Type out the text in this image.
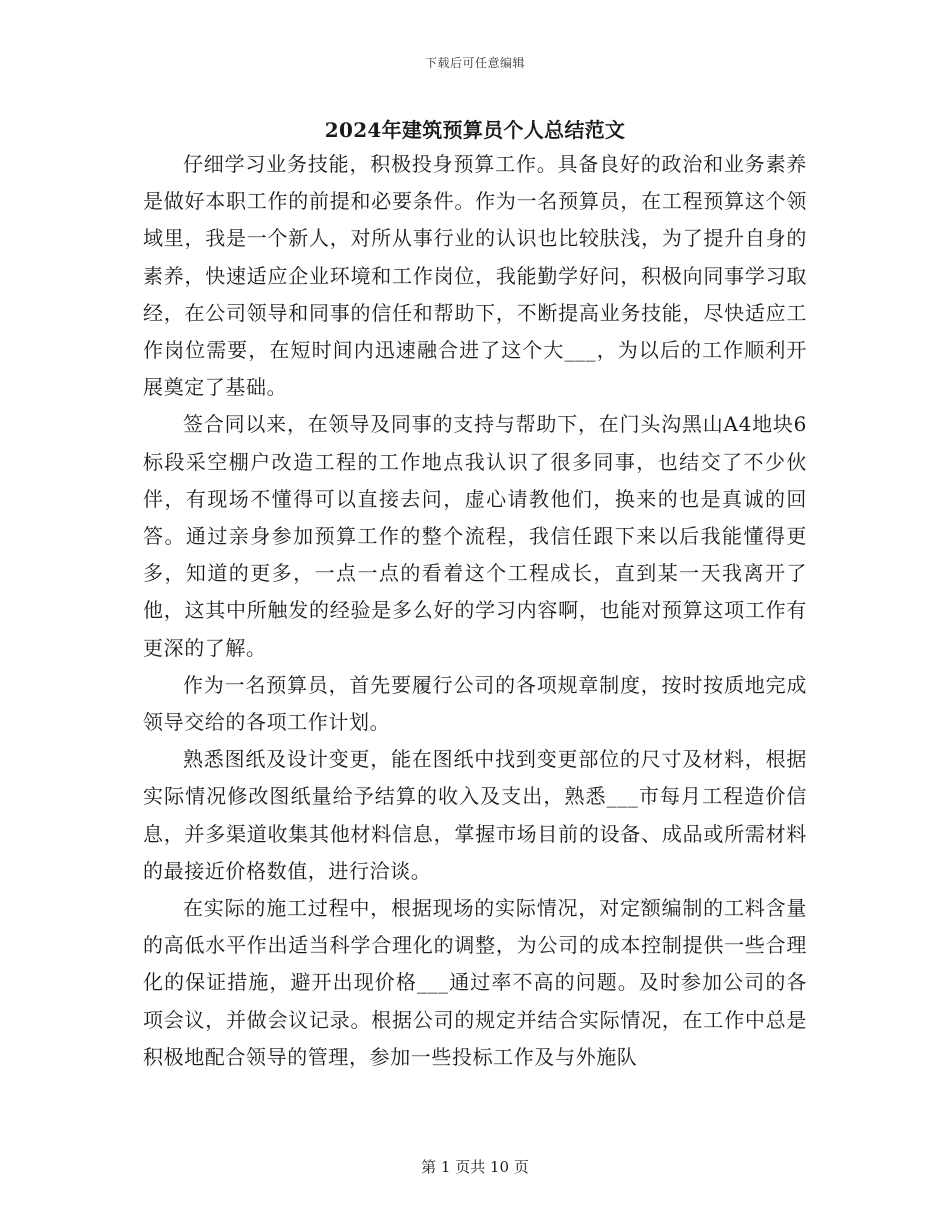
下载后可任意编辑
2024年建筑预算员个人总结范文

仔细学习业务技能，积极投身预算工作。具备良好的政治和业务素养是做好本职工作的前提和必要条件。作为一名预算员，在工程预算这个领域里，我是一个新人，对所从事行业的认识也比较肤浅，为了提升自身的素养，快速适应企业环境和工作岗位，我能勤学好问，积极向同事学习取经，在公司领导和同事的信任和帮助下，不断提高业务技能，尽快适应工作岗位需要，在短时间内迅速融合进了这个大___，为以后的工作顺利开展奠定了基础。

签合同以来，在领导及同事的支持与帮助下，在门头沟黑山A4地块6标段采空棚户改造工程的工作地点我认识了很多同事，也结交了不少伙伴，有现场不懂得可以直接去问，虚心请教他们，换来的也是真诚的回答。通过亲身参加预算工作的整个流程，我信任跟下来以后我能懂得更多，知道的更多，一点一点的看着这个工程成长，直到某一天我离开了他，这其中所触发的经验是多么好的学习内容啊，也能对预算这项工作有更深的了解。

作为一名预算员，首先要履行公司的各项规章制度，按时按质地完成领导交给的各项工作计划。

熟悉图纸及设计变更，能在图纸中找到变更部位的尺寸及材料，根据实际情况修改图纸量给予结算的收入及支出，熟悉___市每月工程造价信息，并多渠道收集其他材料信息，掌握市场目前的设备、成品或所需材料的最接近价格数值，进行洽谈。

在实际的施工过程中，根据现场的实际情况，对定额编制的工料含量的高低水平作出适当科学合理化的调整，为公司的成本控制提供一些合理化的保证措施，避开出现价格___通过率不高的问题。及时参加公司的各项会议，并做会议记录。根据公司的规定并结合实际情况，在工作中总是积极地配合领导的管理，参加一些投标工作及与外施队

第 1 页共 10 页
